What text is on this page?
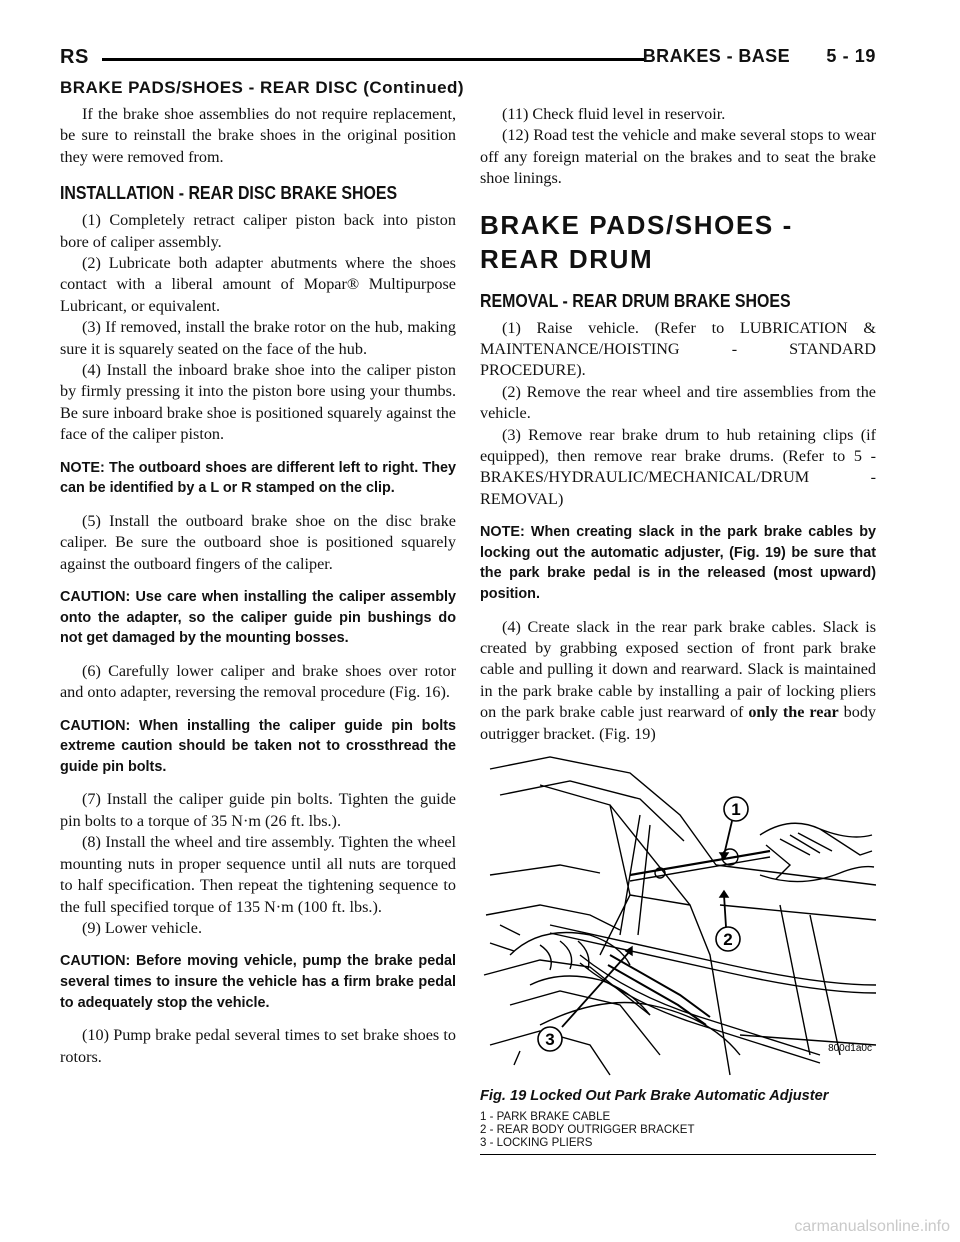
RS	BRAKES - BASE 5 - 19
BRAKE PADS/SHOES - REAR DISC (Continued)

If the brake shoe assemblies do not require replacement, be sure to reinstall the brake shoes in the original position they were removed from.

INSTALLATION - REAR DISC BRAKE SHOES

(1) Completely retract caliper piston back into piston bore of caliper assembly.

(2) Lubricate both adapter abutments where the shoes contact with a liberal amount of Mopar® Multipurpose Lubricant, or equivalent.

(3) If removed, install the brake rotor on the hub, making sure it is squarely seated on the face of the hub.

(4) Install the inboard brake shoe into the caliper piston by firmly pressing it into the piston bore using your thumbs. Be sure inboard brake shoe is positioned squarely against the face of the caliper piston.

NOTE: The outboard shoes are different left to right. They can be identified by a L or R stamped on the clip.

(5) Install the outboard brake shoe on the disc brake caliper. Be sure the outboard shoe is positioned squarely against the outboard fingers of the caliper.

CAUTION: Use care when installing the caliper assembly onto the adapter, so the caliper guide pin bushings do not get damaged by the mounting bosses.

(6) Carefully lower caliper and brake shoes over rotor and onto adapter, reversing the removal procedure (Fig. 16).

CAUTION: When installing the caliper guide pin bolts extreme caution should be taken not to crossthread the guide pin bolts.

(7) Install the caliper guide pin bolts. Tighten the guide pin bolts to a torque of 35 N·m (26 ft. lbs.).

(8) Install the wheel and tire assembly. Tighten the wheel mounting nuts in proper sequence until all nuts are torqued to half specification. Then repeat the tightening sequence to the full specified torque of 135 N·m (100 ft. lbs.).

(9) Lower vehicle.

CAUTION: Before moving vehicle, pump the brake pedal several times to insure the vehicle has a firm brake pedal to adequately stop the vehicle.

(10) Pump brake pedal several times to set brake shoes to rotors.

(11) Check fluid level in reservoir.

(12) Road test the vehicle and make several stops to wear off any foreign material on the brakes and to seat the brake shoe linings.

BRAKE PADS/SHOES - REAR DRUM

REMOVAL - REAR DRUM BRAKE SHOES

(1) Raise vehicle. (Refer to LUBRICATION & MAINTENANCE/HOISTING - STANDARD PROCEDURE).

(2) Remove the rear wheel and tire assemblies from the vehicle.

(3) Remove rear brake drum to hub retaining clips (if equipped), then remove rear brake drums. (Refer to 5 - BRAKES/HYDRAULIC/MECHANICAL/DRUM - REMOVAL)

NOTE: When creating slack in the park brake cables by locking out the automatic adjuster, (Fig. 19) be sure that the park brake pedal is in the released (most upward) position.

(4) Create slack in the rear park brake cables. Slack is created by grabbing exposed section of front park brake cable and pulling it down and rearward. Slack is maintained in the park brake cable by installing a pair of locking pliers on the park brake cable just rearward of only the rear body outrigger bracket. (Fig. 19)

1
2
3	800d1a0c

Fig. 19 Locked Out Park Brake Automatic Adjuster

1 - PARK BRAKE CABLE
2 - REAR BODY OUTRIGGER BRACKET
3 - LOCKING PLIERS

carmanualsonline.info
